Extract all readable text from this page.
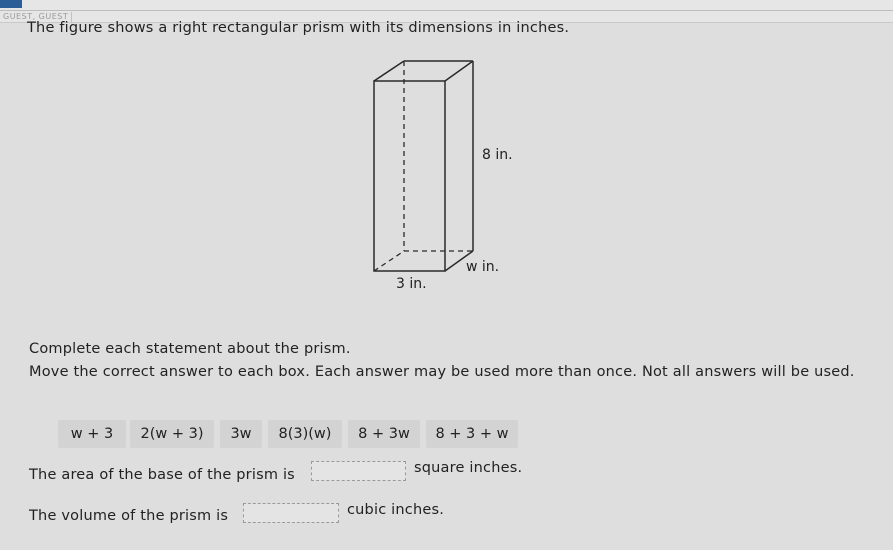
GUEST, GUEST
The figure shows a right rectangular prism with its dimensions in inches.
8 in.
w in.
3 in.
Complete each statement about the prism.
Move the correct answer to each box. Each answer may be used more than once. Not all answers will be used.
w + 3	2(w + 3)	3w	8(3)(w)	8 + 3w	8 + 3 + w
The area of the base of the prism is	square inches.
The volume of the prism is	cubic inches.
